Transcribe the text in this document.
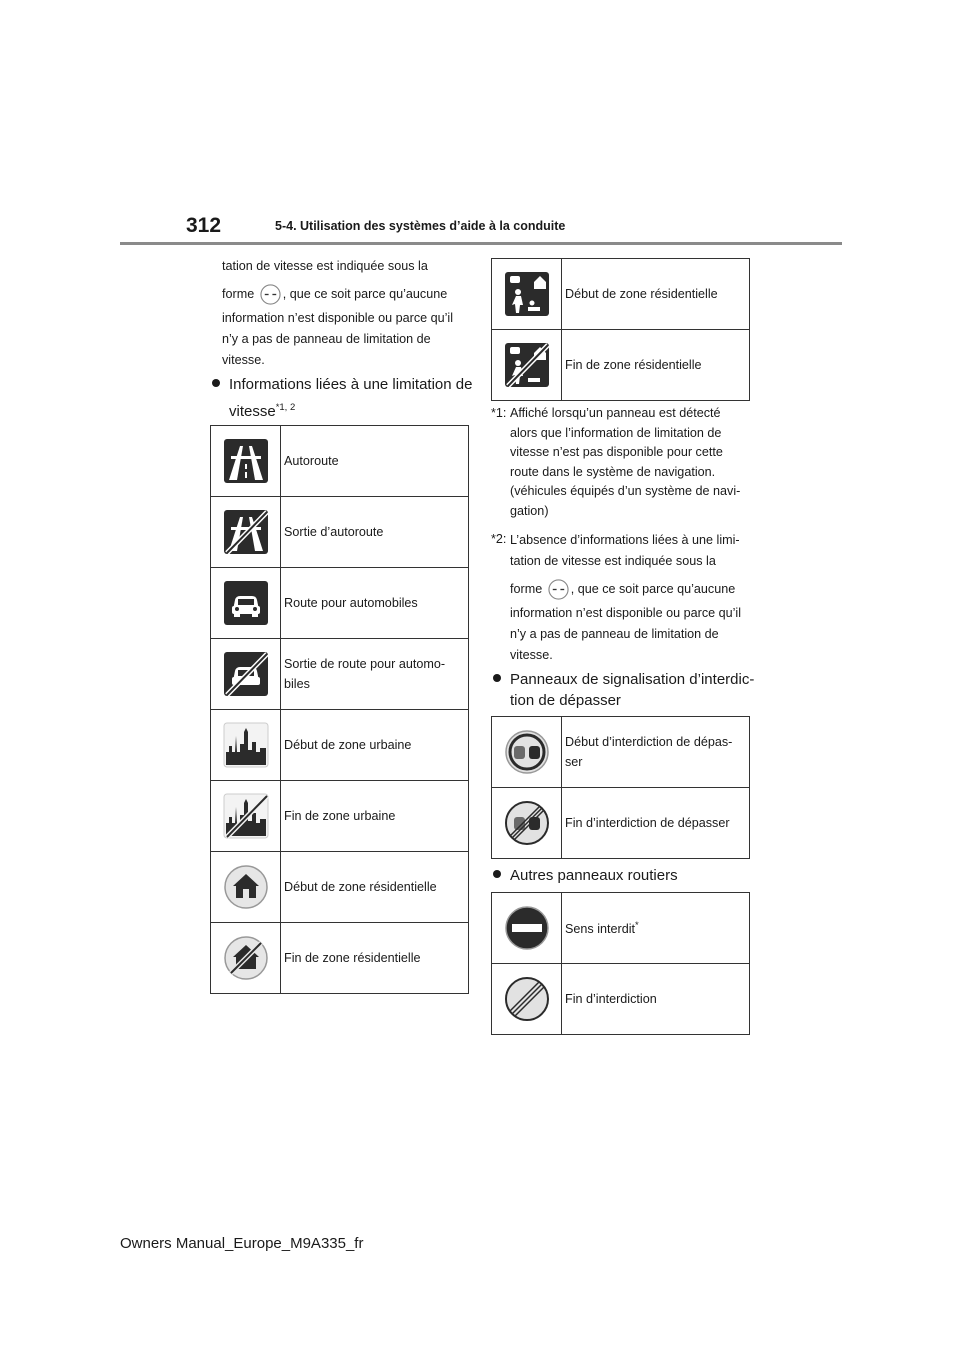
312	5-4. Utilisation des systèmes d’aide à la conduite
tation de vitesse est indiquée sous la
forme , que ce soit parce qu’aucune
information n’est disponible ou parce qu’il
n’y a pas de panneau de limitation de
vitesse.
Informations liées à une limitation de
vitesse$^{*1, 2}$
	Autoroute

	Sortie d’autoroute

	Route pour automobiles

Sortie de route pour automo-
biles

	Début de zone urbaine

	Fin de zone urbaine

	Début de zone résidentielle

	Fin de zone résidentielle
	Début de zone résidentielle

	Fin de zone résidentielle
*1: Affiché lorsqu’un panneau est détecté
alors que l’information de limitation de
vitesse n’est pas disponible pour cette
route dans le système de navigation.
(véhicules équipés d’un système de navi-
gation)
*2: L’absence d’informations liées à une limi-
tation de vitesse est indiquée sous la
forme , que ce soit parce qu’aucune
information n’est disponible ou parce qu’il
n’y a pas de panneau de limitation de
vitesse.
Panneaux de signalisation d’interdic-
tion de dépasser

Début d’interdiction de dépas-
ser

	Fin d’interdiction de dépasser
Autres panneaux routiers
	Sens interdit*

	Fin d’interdiction
Owners Manual_Europe_M9A335_fr
